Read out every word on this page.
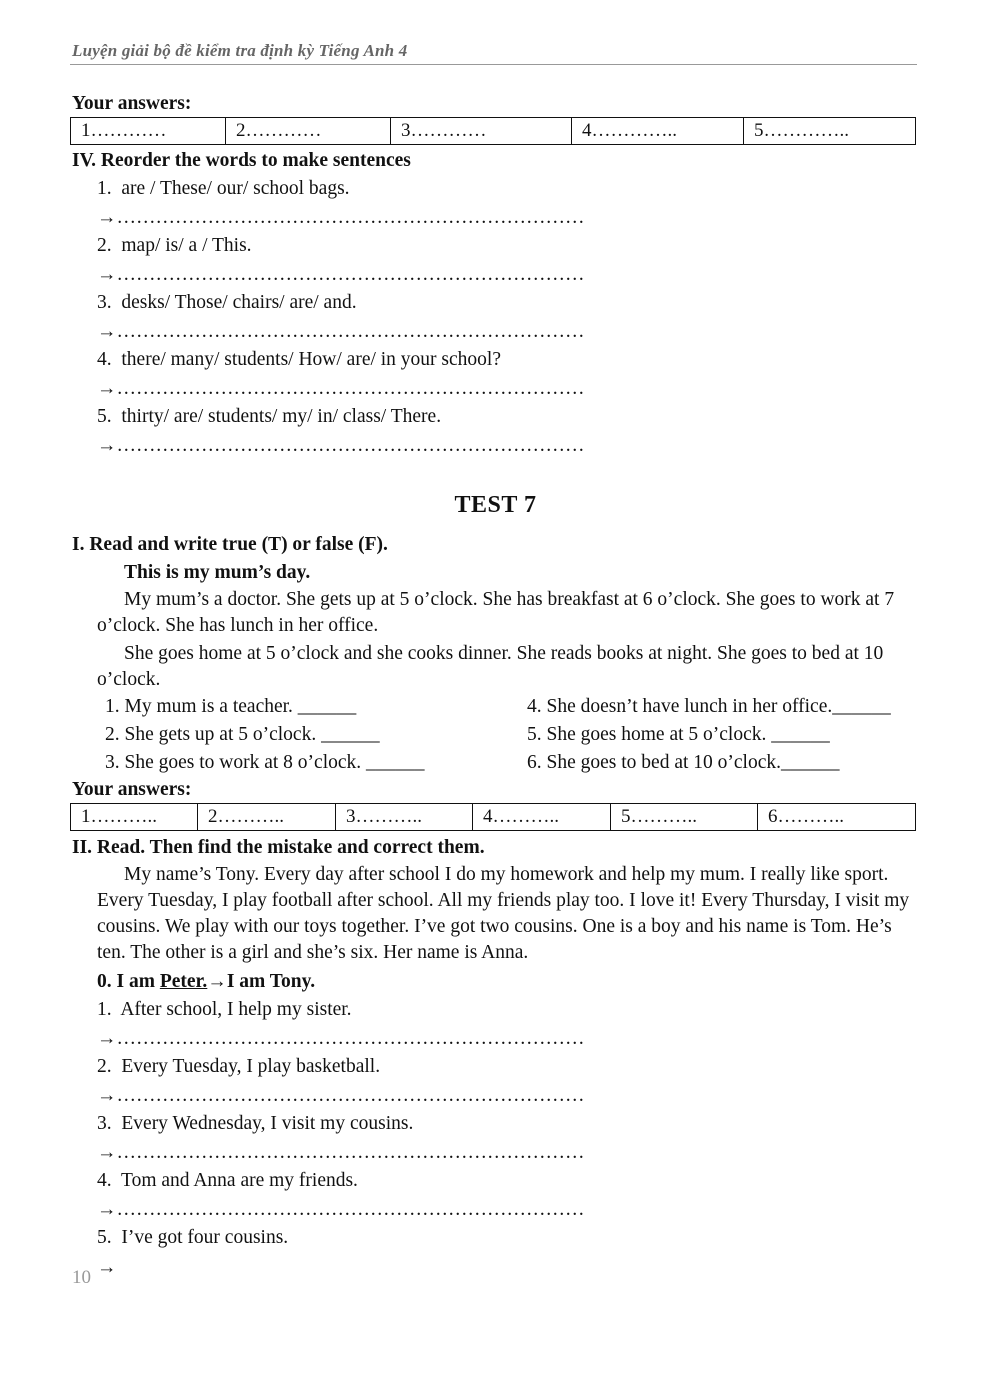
Luyện giải bộ đề kiểm tra định kỳ Tiếng Anh 4
Your answers:
1…………	2…………	3…………	4…………..	5…………..
IV. Reorder the words to make sentences
1. are / These/ our/ school bags.
→………………………………………………………………
2. map/ is/ a / This.
→………………………………………………………………
3. desks/ Those/ chairs/ are/ and.
→………………………………………………………………
4. there/ many/ students/ How/ are/ in your school?
→………………………………………………………………
5. thirty/ are/ students/ my/ in/ class/ There.
→………………………………………………………………
TEST 7
I. Read and write true (T) or false (F).
This is my mum’s day.
My mum’s a doctor. She gets up at 5 o’clock. She has breakfast at 6 o’clock. She goes to work at 7 o’clock. She has lunch in her office.
She goes home at 5 o’clock and she cooks dinner. She reads books at night. She goes to bed at 10 o’clock.
1. My mum is a teacher. ______
2. She gets up at 5 o’clock. ______
3. She goes to work at 8 o’clock. ______
4. She doesn’t have lunch in her office.______
5. She goes home at 5 o’clock. ______
6. She goes to bed at 10 o’clock.______
Your answers:
1………..	2………..	3………..	4………..	5………..	6………..
II. Read. Then find the mistake and correct them.
My name’s Tony. Every day after school I do my homework and help my mum. I really like sport. Every Tuesday, I play football after school. All my friends play too. I love it! Every Thursday, I visit my cousins. We play with our toys together. I’ve got two cousins. One is a boy and his name is Tom. He’s ten. The other is a girl and she’s six. Her name is Anna.
0. I am Peter.→I am Tony.
1. After school, I help my sister.
→………………………………………………………………
2. Every Tuesday, I play basketball.
→………………………………………………………………
3. Every Wednesday, I visit my cousins.
→………………………………………………………………
4. Tom and Anna are my friends.
→………………………………………………………………
5. I’ve got four cousins.
10 →
